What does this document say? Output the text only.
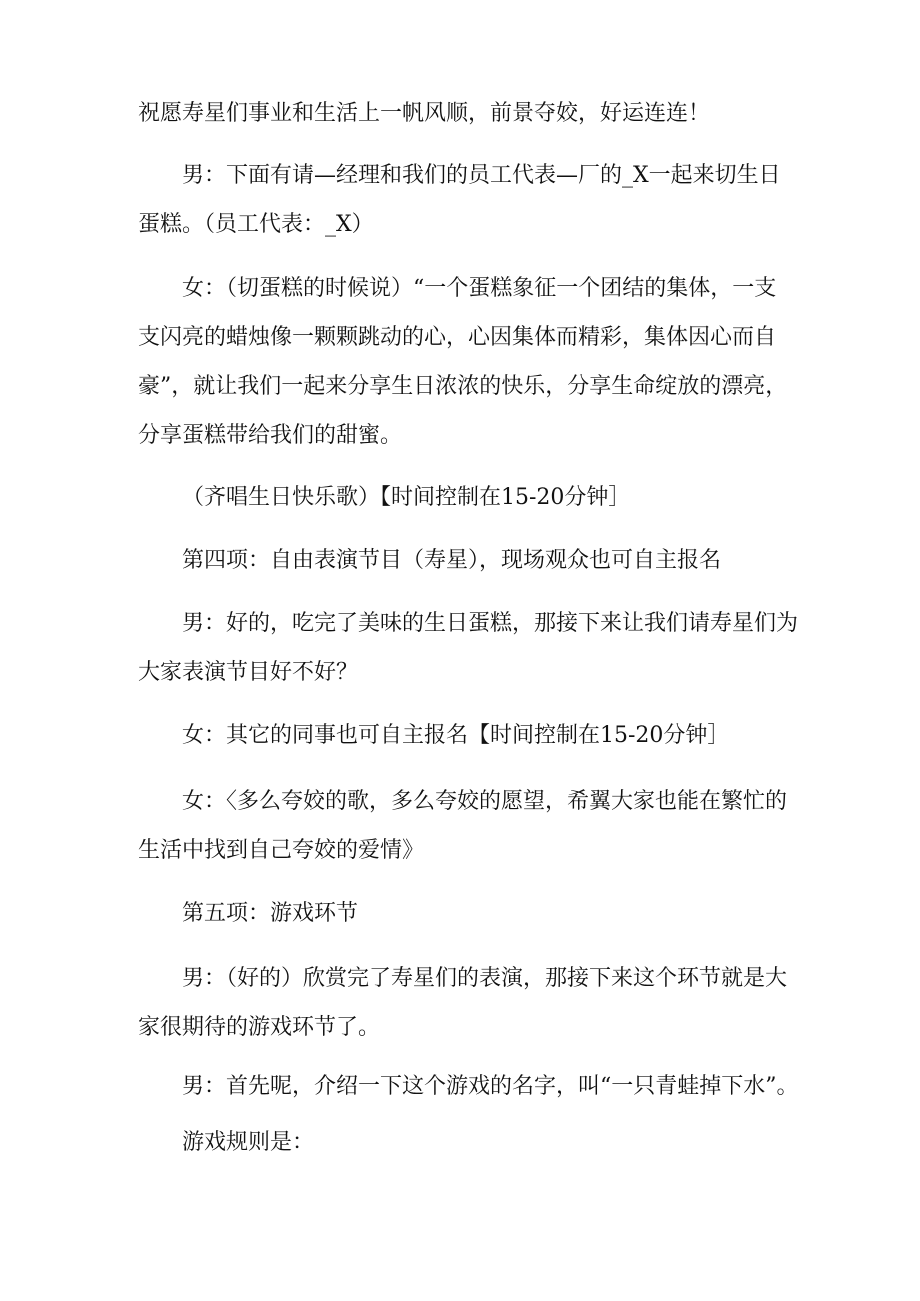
祝愿寿星们事业和生活上一帆风顺，前景夺姣，好运连连！
男：下面有请—经理和我们的员工代表—厂的_X一起来切生日
蛋糕。（员工代表：_X）
女：（切蛋糕的时候说）“一个蛋糕象征一个团结的集体，一支
支闪亮的蜡烛像一颗颗跳动的心，心因集体而精彩，集体因心而自
豪”，就让我们一起来分享生日浓浓的快乐，分享生命绽放的漂亮，
分享蛋糕带给我们的甜蜜。
（齐唱生日快乐歌）【时间控制在15-20分钟］
第四项：自由表演节目（寿星），现场观众也可自主报名
男：好的，吃完了美味的生日蛋糕，那接下来让我们请寿星们为
大家表演节目好不好？
女：其它的同事也可自主报名【时间控制在15-20分钟］
女：〈多么夸姣的歌，多么夸姣的愿望，希翼大家也能在繁忙的
生活中找到自己夸姣的爱情》
第五项：游戏环节
男：（好的）欣赏完了寿星们的表演，那接下来这个环节就是大
家很期待的游戏环节了。
男：首先呢，介绍一下这个游戏的名字，叫“一只青蛙掉下水”。
游戏规则是：
